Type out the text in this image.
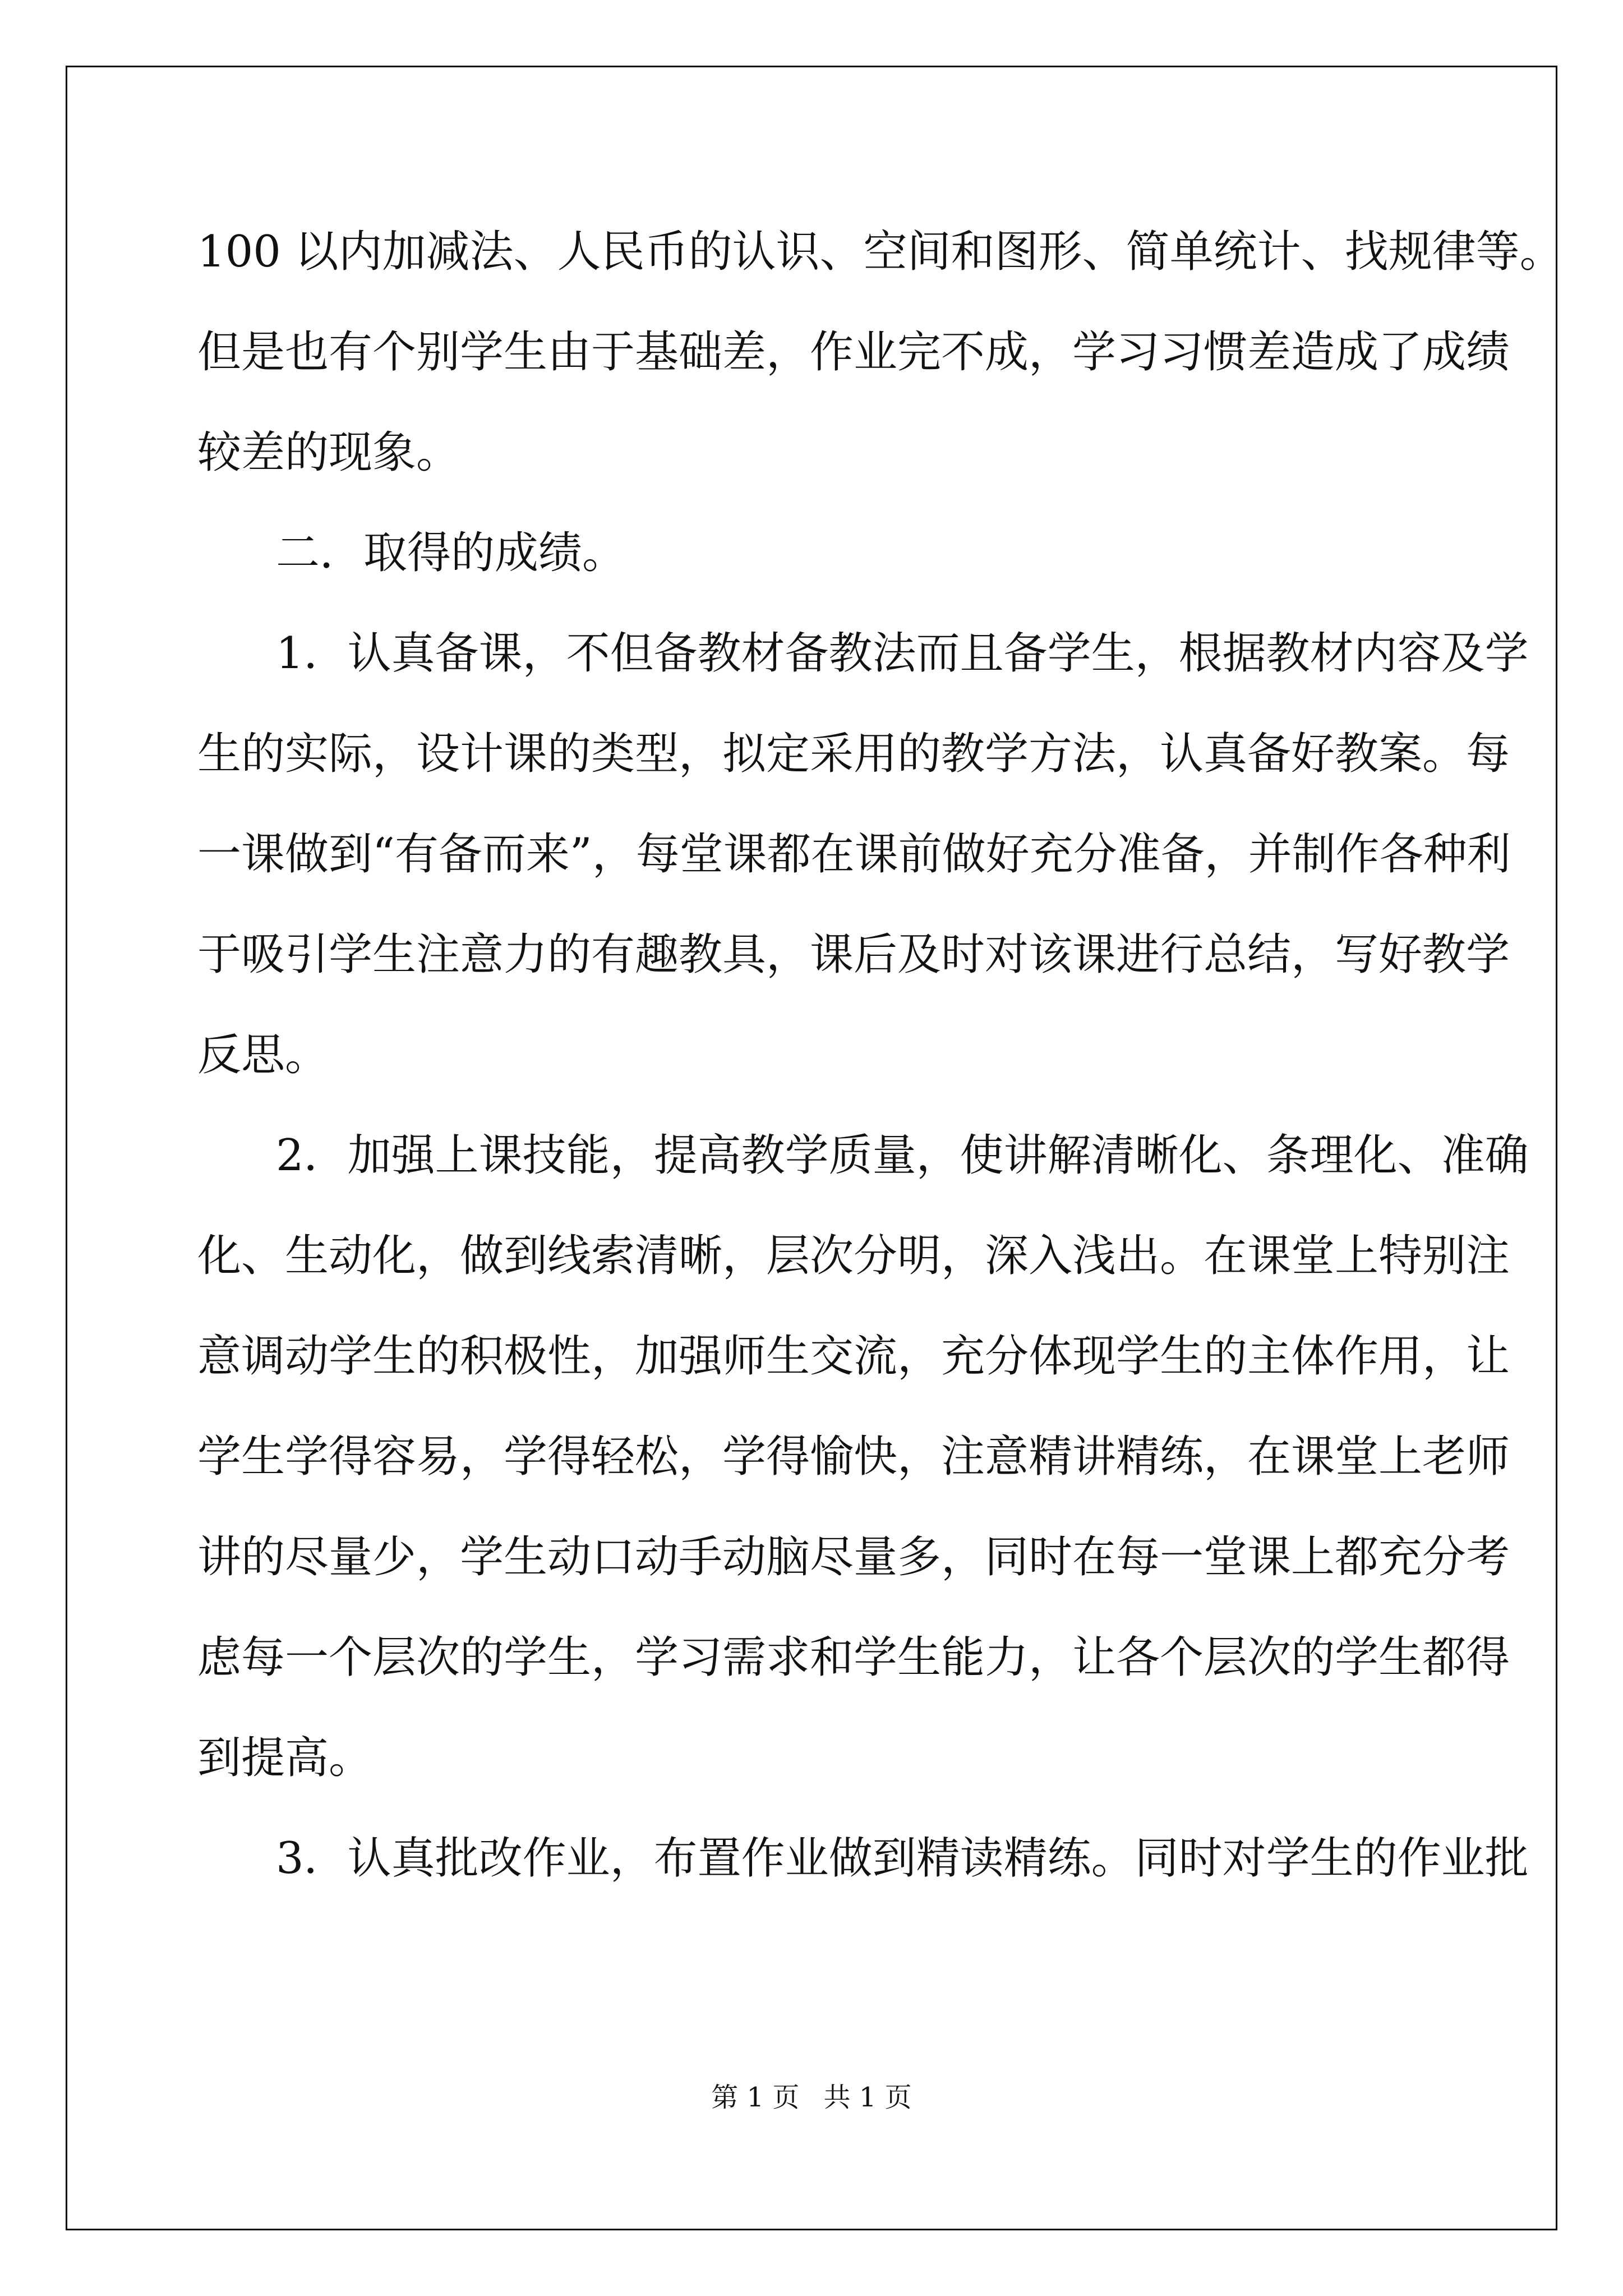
100 以内加减法、人民币的认识、空间和图形、简单统计、找规律等。
但是也有个别学生由于基础差，作业完不成，学习习惯差造成了成绩
较差的现象。
二．取得的成绩。
1．认真备课，不但备教材备教法而且备学生，根据教材内容及学
生的实际，设计课的类型，拟定采用的教学方法，认真备好教案。每
一课做到“有备而来”，每堂课都在课前做好充分准备，并制作各种利
于吸引学生注意力的有趣教具，课后及时对该课进行总结，写好教学
反思。
2．加强上课技能，提高教学质量，使讲解清晰化、条理化、准确
化、生动化，做到线索清晰，层次分明，深入浅出。在课堂上特别注
意调动学生的积极性，加强师生交流，充分体现学生的主体作用，让
学生学得容易，学得轻松，学得愉快，注意精讲精练，在课堂上老师
讲的尽量少，学生动口动手动脑尽量多，同时在每一堂课上都充分考
虑每一个层次的学生，学习需求和学生能力，让各个层次的学生都得
到提高。
3．认真批改作业，布置作业做到精读精练。同时对学生的作业批
第 1 页 共 1 页
